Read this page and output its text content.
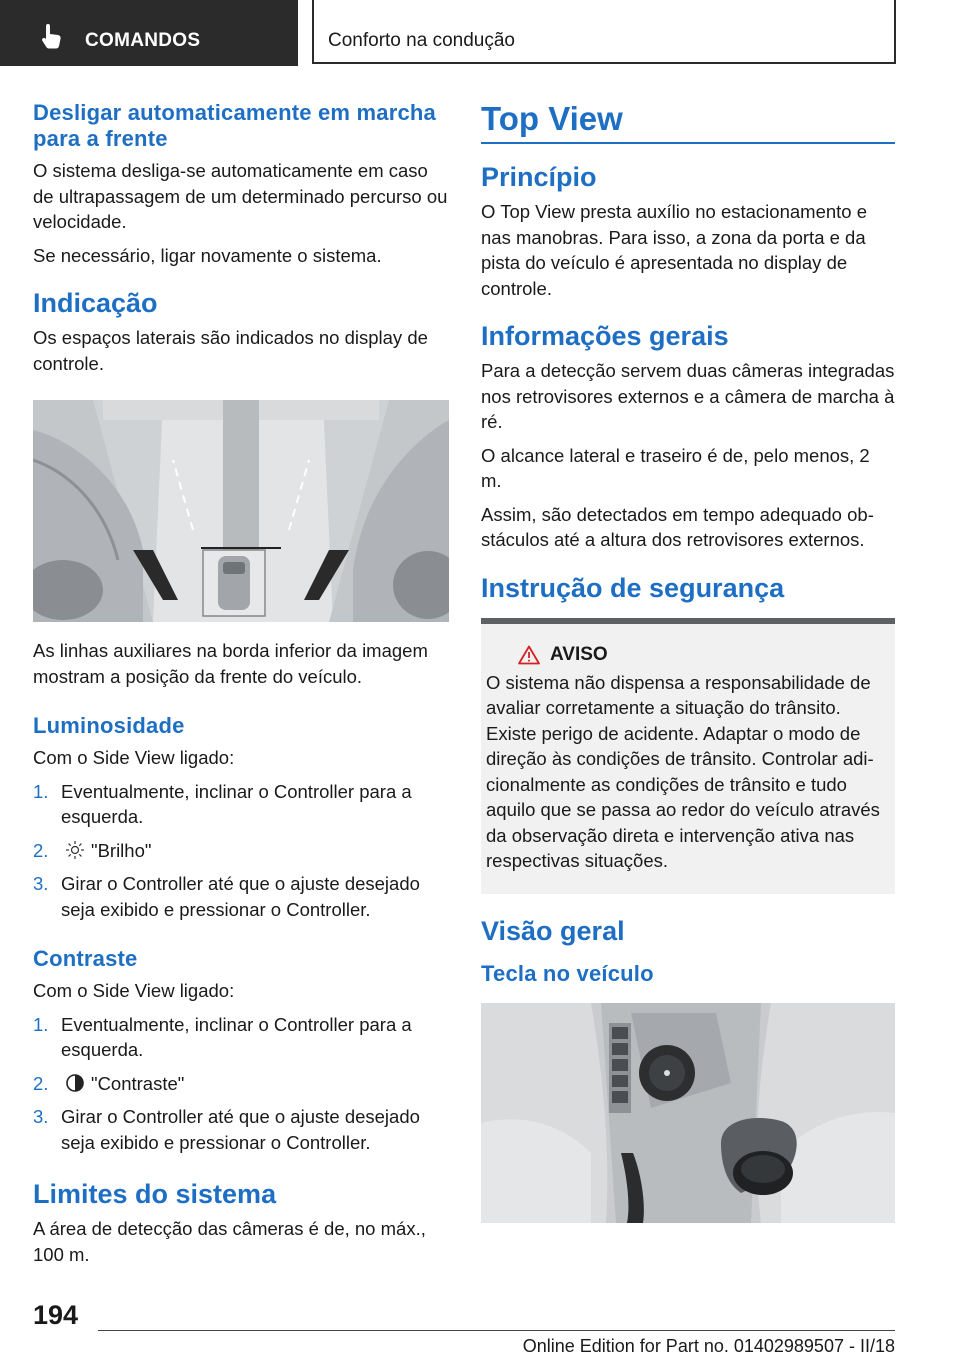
COMANDOS	Conforto na condução
Desligar automaticamente em marcha para a frente

O sistema desliga-se automaticamente em caso de ultrapassagem de um determinado percurso ou velocidade.

Se necessário, ligar novamente o sistema.

Indicação

Os espaços laterais são indicados no display de controle.

As linhas auxiliares na borda inferior da imagem mostram a posição da frente do veículo.

Luminosidade

Com o Side View ligado:

1. Eventualmente, inclinar o Controller para a esquerda.
2. "Brilho"
3. Girar o Controller até que o ajuste desejado seja exibido e pressionar o Controller.
Contraste

Com o Side View ligado:

1. Eventualmente, inclinar o Controller para a esquerda.
2. "Contraste"
3. Girar o Controller até que o ajuste desejado seja exibido e pressionar o Controller.
Limites do sistema

A área de detecção das câmeras é de, no máx., 100 m.

Top View
Princípio

O Top View presta auxílio no estacionamento e nas manobras. Para isso, a zona da porta e da pista do veículo é apresentada no display de controle.

Informações gerais

Para a detecção servem duas câmeras integradas nos retrovisores externos e a câmera de marcha à ré.

O alcance lateral e traseiro é de, pelo menos, 2 m.

Assim, são detectados em tempo adequado obstáculos até a altura dos retrovisores externos.

Instrução de segurança
AVISO

O sistema não dispensa a responsabilidade de avaliar corretamente a situação do trânsito. Existe perigo de acidente. Adaptar o modo de direção às condições de trânsito. Controlar adicionalmente as condições de trânsito e tudo aquilo que se passa ao redor do veículo através da observação direta e intervenção ativa nas respectivas situações.

Visão geral
Tecla no veículo
194
Online Edition for Part no. 01402989507 - II/18
